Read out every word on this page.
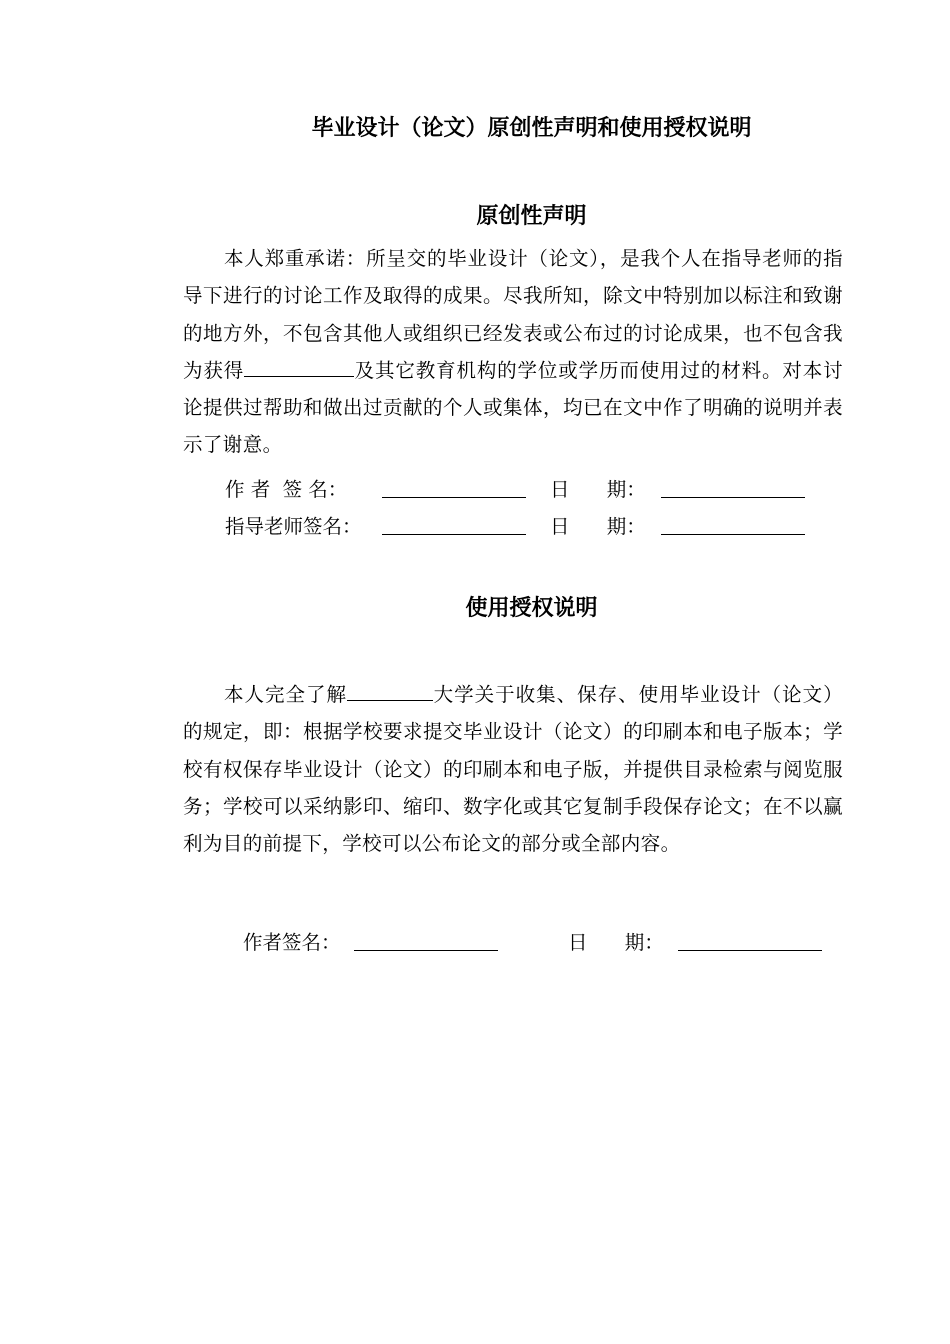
毕业设计（论文）原创性声明和使用授权说明
原创性声明
本人郑重承诺：所呈交的毕业设计（论文），是我个人在指导老师的指导下进行的讨论工作及取得的成果。尽我所知，除文中特别加以标注和致谢的地方外，不包含其他人或组织已经发表或公布过的讨论成果，也不包含我为获得	及其它教育机构的学位或学历而使用过的材料。对本讨论提供过帮助和做出过贡献的个人或集体，均已在文中作了明确的说明并表示了谢意。
作 者  签 名：	日      期：
指导老师签名：	日      期：
使用授权说明
本人完全了解	大学关于收集、保存、使用毕业设计（论文）的规定，即：根据学校要求提交毕业设计（论文）的印刷本和电子版本；学校有权保存毕业设计（论文）的印刷本和电子版，并提供目录检索与阅览服务；学校可以采纳影印、缩印、数字化或其它复制手段保存论文；在不以赢利为目的前提下，学校可以公布论文的部分或全部内容。
作者签名：	日      期：
